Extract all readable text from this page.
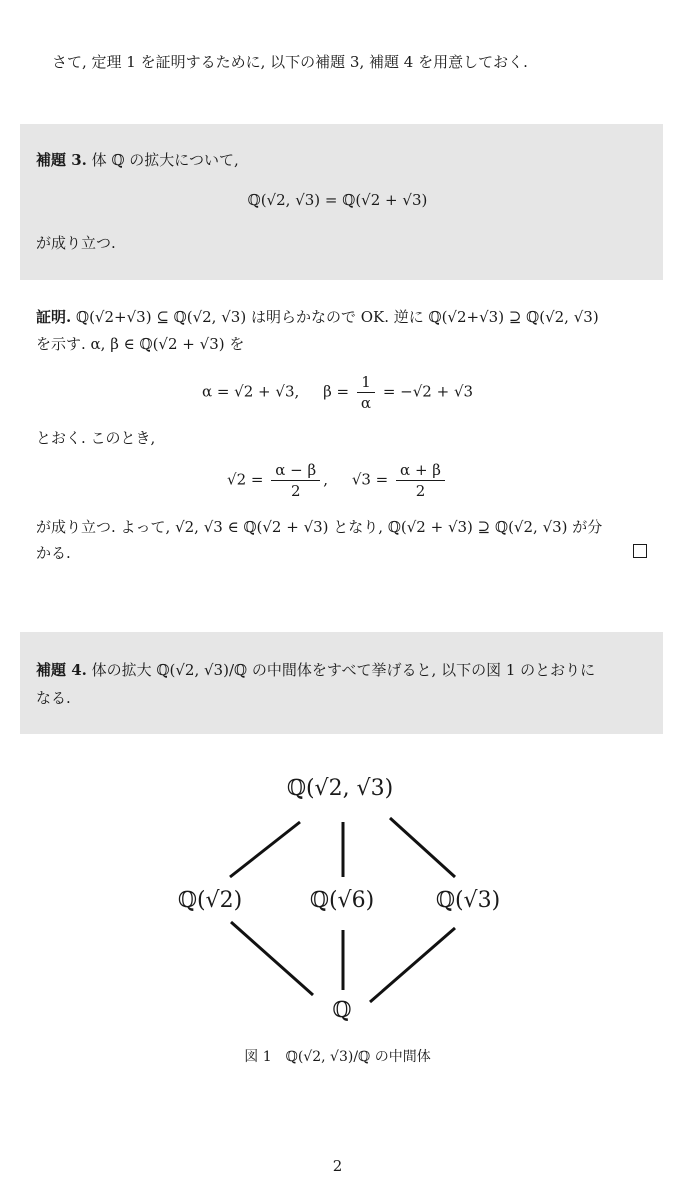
さて, 定理 1 を証明するために, 以下の補題 3, 補題 4 を用意しておく.
補題 3. 体 ℚ の拡大について,
ℚ(√2, √3) = ℚ(√2 + √3)
が成り立つ.
証明. ℚ(√2+√3) ⊆ ℚ(√2, √3) は明らかなので OK. 逆に ℚ(√2+√3) ⊇ ℚ(√2, √3)
を示す. α, β ∈ ℚ(√2 + √3) を
α = √2 + √3, $\beta = \frac{1}{\alpha} = -√2 + √3$
とおく. このとき,
$√2 = \frac{\alpha - \beta}{2}$ , $√3 = \frac{\alpha + \beta}{2}$
が成り立つ. よって, √2, √3 ∈ ℚ(√2 + √3) となり, ℚ(√2 + √3) ⊇ ℚ(√2, √3) が分
かる.
補題 4. 体の拡大 ℚ(√2, √3)/ℚ の中間体をすべて挙げると, 以下の図 1 のとおりに
なる.
ℚ(√2, √3)
ℚ(√2)	ℚ(√6)	ℚ(√3)
ℚ
図 1　ℚ(√2, √3)/ℚ の中間体
2
